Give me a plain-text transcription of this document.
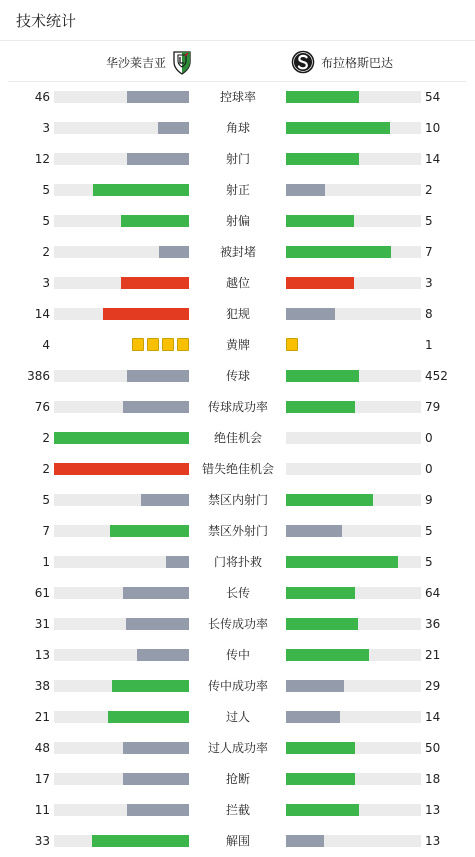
技术统计
华沙莱吉亚	布拉格斯巴达
46	控球率	54
3	角球	10
12	射门	14
5	射正	2
5	射偏	5
2	被封堵	7
3	越位	3
14	犯规	8
4	黄牌	1
386	传球	452
76	传球成功率	79
2	绝佳机会	0
2	错失绝佳机会	0
5	禁区内射门	9
7	禁区外射门	5
1	门将扑救	5
61	长传	64
31	长传成功率	36
13	传中	21
38	传中成功率	29
21	过人	14
48	过人成功率	50
17	抢断	18
11	拦截	13
33	解围	13
